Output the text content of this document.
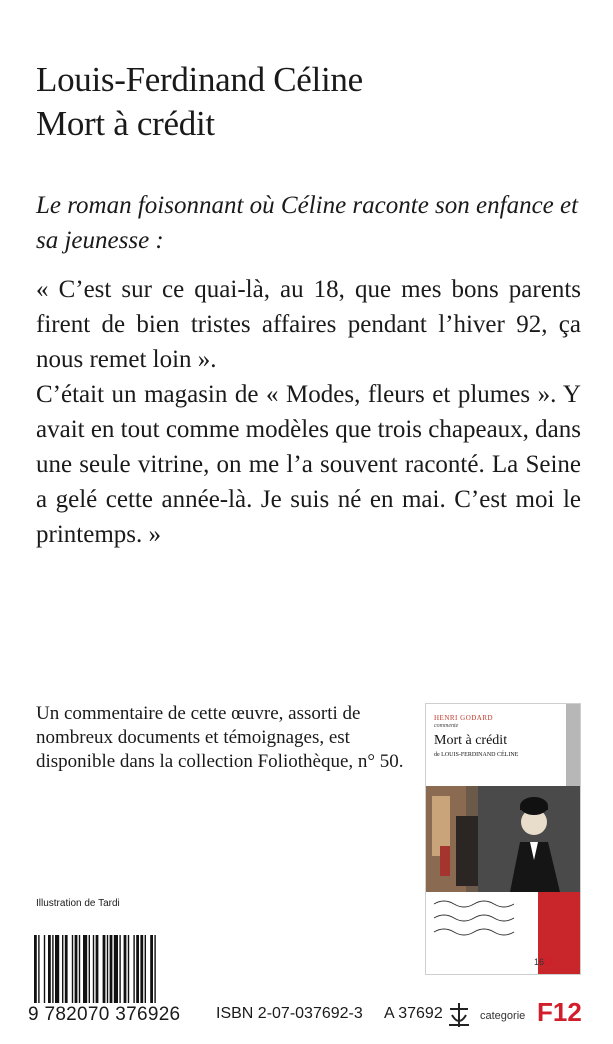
Louis-Ferdinand Céline
Mort à crédit

Le roman foisonnant où Céline raconte son enfance et sa jeunesse :

« C’est sur ce quai-là, au 18, que mes bons parents firent de bien tristes affaires pendant l’hiver 92, ça nous remet loin ».

C’était un magasin de « Modes, fleurs et plumes ». Y avait en tout comme modèles que trois chapeaux, dans une seule vitrine, on me l’a souvent raconté. La Seine a gelé cette année-là. Je suis né en mai. C’est moi le printemps. »

Un commentaire de cette œuvre, assorti de nombreux documents et témoignages, est disponible dans la collection Foliothèque, n° 50.

Illustration de Tardi
HENRI GODARD
commente
Mort à crédit
de LOUIS-FERDINAND CÉLINE
16O
9 782070 376926 ISBN 2-07-037692-3 A 37692	categorie F12
